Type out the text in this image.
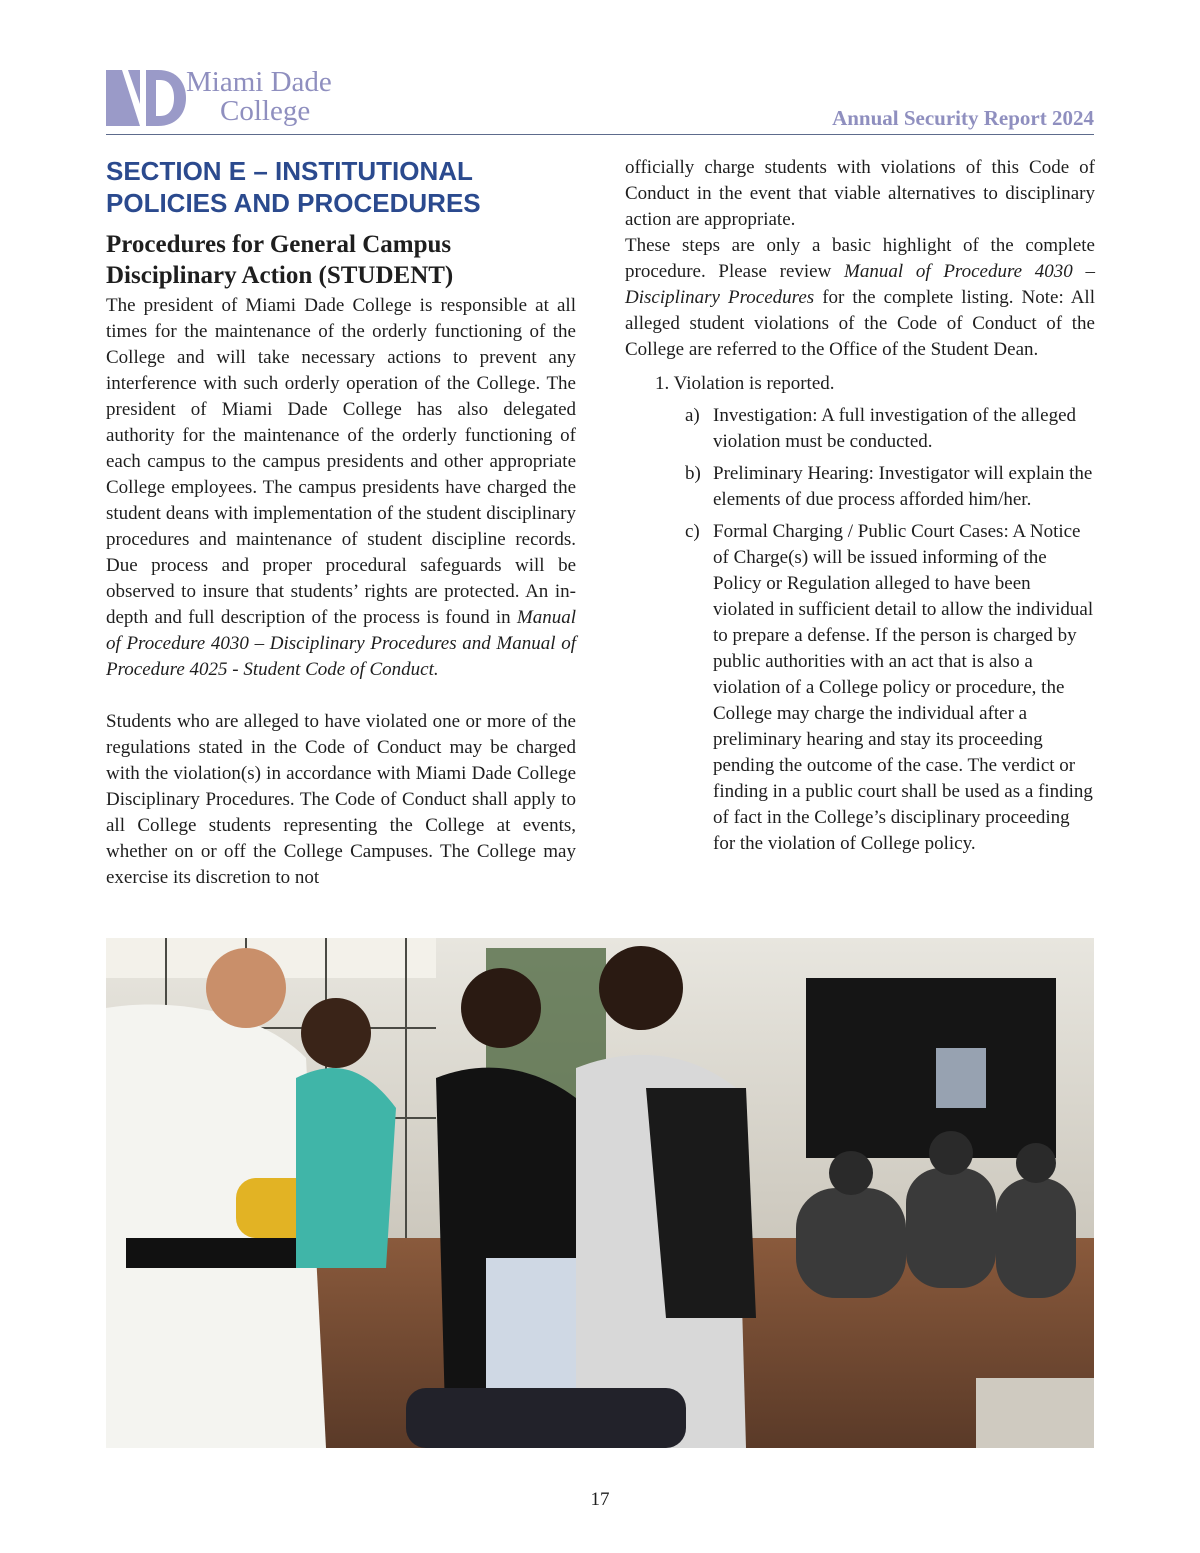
Miami Dade
College	Annual Security Report 2024
SECTION E – INSTITUTIONAL POLICIES AND PROCEDURES
Procedures for General Campus Disciplinary Action (STUDENT)

The president of Miami Dade College is responsible at all times for the maintenance of the orderly functioning of the College and will take necessary actions to prevent any interference with such orderly operation of the College. The president of Miami Dade College has also delegated authority for the maintenance of the orderly functioning of each campus to the campus presidents and other appropriate College employees. The campus presidents have charged the student deans with implementation of the student disciplinary procedures and maintenance of student discipline records. Due process and proper procedural safeguards will be observed to insure that students’ rights are protected. An in-depth and full description of the process is found in Manual of Procedure 4030 – Disciplinary Procedures and Manual of Procedure 4025 - Student Code of Conduct.

Students who are alleged to have violated one or more of the regulations stated in the Code of Conduct may be charged with the violation(s) in accordance with Miami Dade College Disciplinary Procedures. The Code of Conduct shall apply to all College students representing the College at events, whether on or off the College Campuses. The College may exercise its discretion to not

officially charge students with violations of this Code of Conduct in the event that viable alternatives to disciplinary action are appropriate.

These steps are only a basic highlight of the complete procedure. Please review Manual of Procedure 4030 – Disciplinary Procedures for the complete listing. Note: All alleged student violations of the Code of Conduct of the College are referred to the Office of the Student Dean.

1. Violation is reported.
a) Investigation: A full investigation of the alleged violation must be conducted.
b) Preliminary Hearing: Investigator will explain the elements of due process afforded him/her.
c) Formal Charging / Public Court Cases: A Notice of Charge(s) will be issued informing of the Policy or Regulation alleged to have been violated in sufficient detail to allow the individual to prepare a defense. If the person is charged by public authorities with an act that is also a violation of a College policy or procedure, the College may charge the individual after a preliminary hearing and stay its proceeding pending the outcome of the case. The verdict or finding in a public court shall be used as a finding of fact in the College’s disciplinary proceeding for the violation of College policy.
17
